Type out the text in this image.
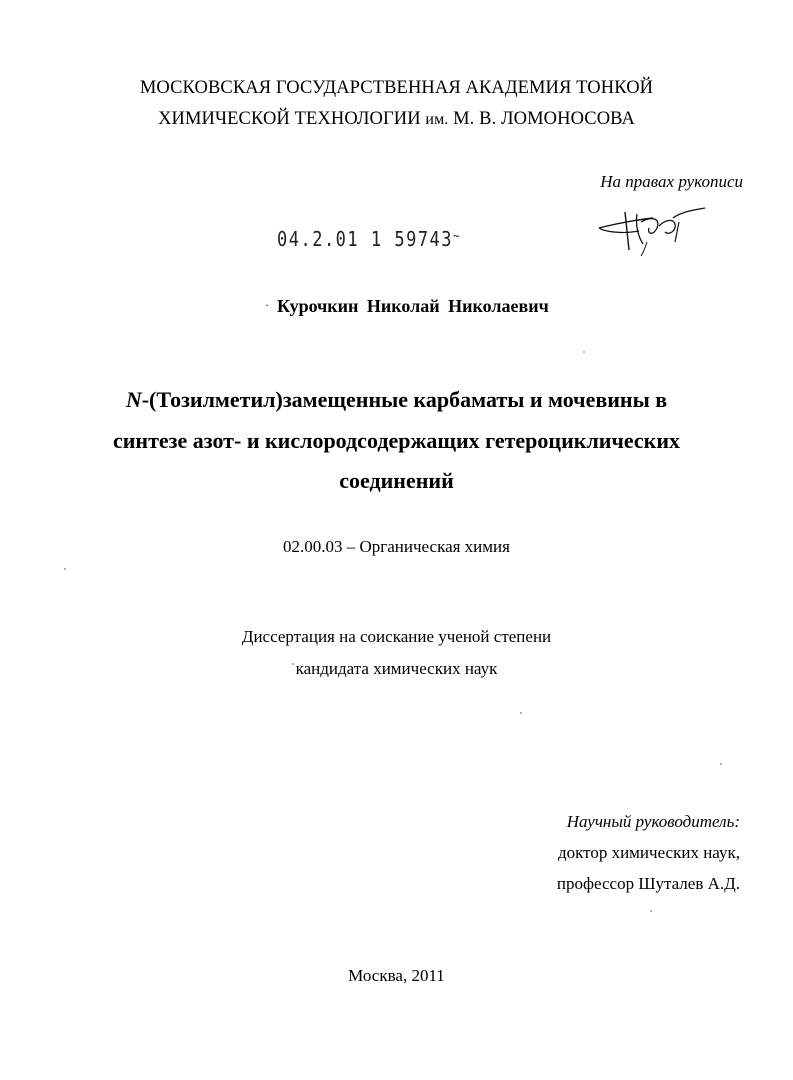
МОСКОВСКАЯ ГОСУДАРСТВЕННАЯ АКАДЕМИЯ ТОНКОЙ
ХИМИЧЕСКОЙ ТЕХНОЛОГИИ им. М. В. ЛОМОНОСОВА
На правах рукописи
04.2.01 1 59743~
· Курочкин Николай Николаевич
N-(Тозилметил)замещенные карбаматы и мочевины в
синтезе азот- и кислородсодержащих гетероциклических
соединений
02.00.03 – Органическая химия
Диссертация на соискание ученой степени
кандидата химических наук
Научный руководитель:
доктор химических наук,
профессор Шуталев А.Д.
Москва, 2011
